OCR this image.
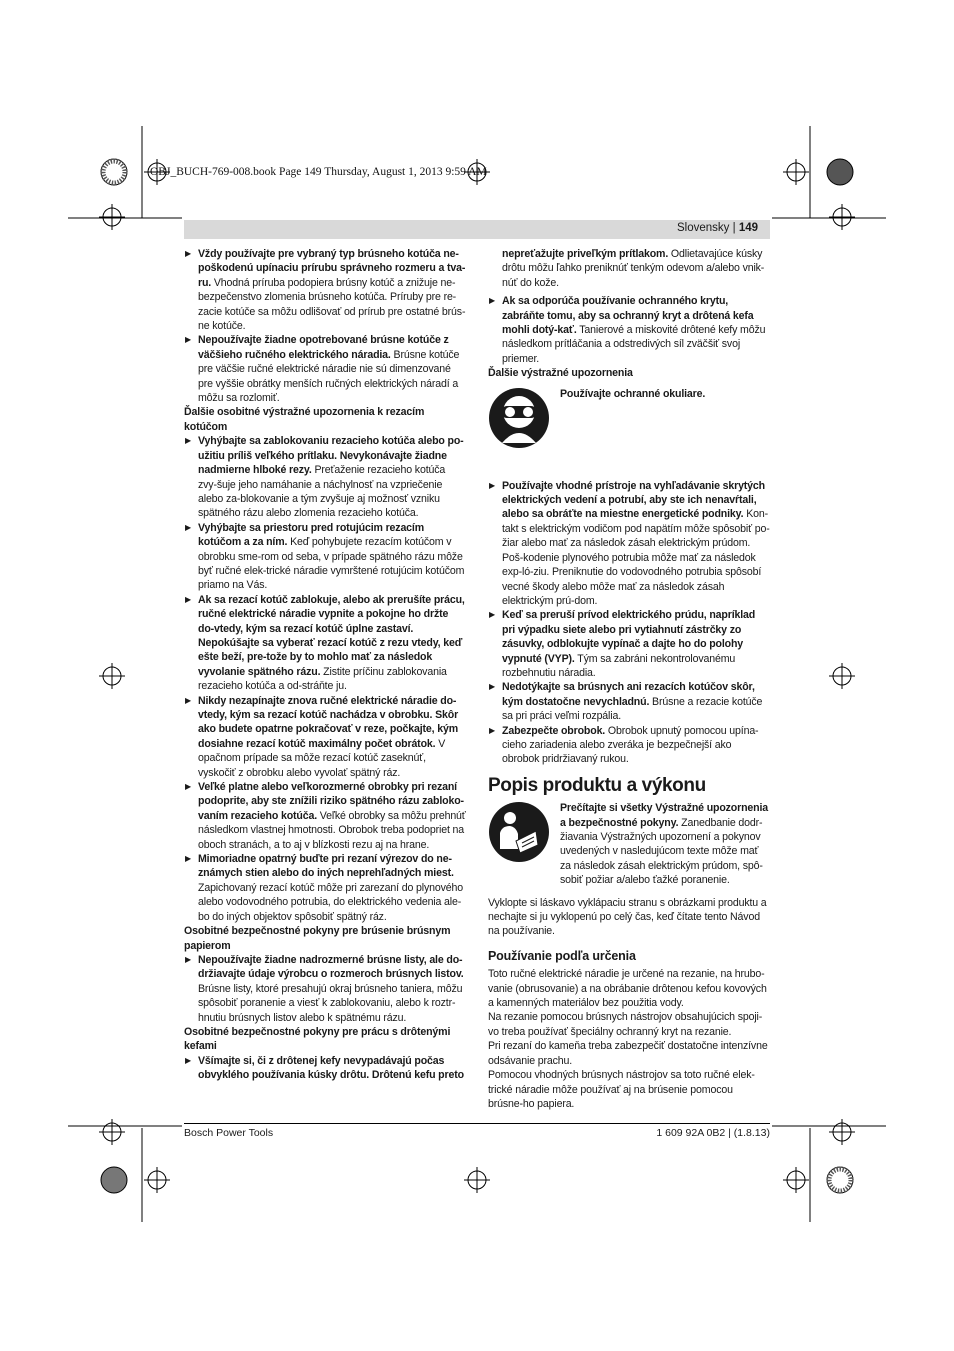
OBJ_BUCH-769-008.book Page 149 Thursday, August 1, 2013 9:59 AM
Slovensky | 149

▶ Vždy používajte pre vybraný typ brúsneho kotúča ne-poškodenú upínaciu prírubu správneho rozmeru a tva-ru. Vhodná príruba podopiera brúsny kotúč a znižuje ne-bezpečenstvo zlomenia brúsneho kotúča. Príruby pre re-zacie kotúče sa môžu odlišovať od prírub pre ostatné brús-ne kotúče.

▶ Nepoužívajte žiadne opotrebované brúsne kotúče z väčšieho ručného elektrického náradia. Brúsne kotúče pre väčšie ručné elektrické náradie nie sú dimenzované pre vyššie obrátky menších ručných elektrických náradí a môžu sa rozlomiť.

Ďalšie osobitné výstražné upozornenia k rezacím kotúčom

▶ Vyhýbajte sa zablokovaniu rezacieho kotúča alebo po-užitiu príliš veľkého prítlaku. Nevykonávajte žiadne nadmierne hlboké rezy. Preťaženie rezacieho kotúča zvy-šuje jeho namáhanie a náchylnosť na vzpriečenie alebo za-blokovanie a tým zvyšuje aj možnosť vzniku spätného rázu alebo zlomenia rezacieho kotúča.

▶ Vyhýbajte sa priestoru pred rotujúcim rezacím kotúčom a za ním. Keď pohybujete rezacím kotúčom v obrobku sme-rom od seba, v prípade spätného rázu môže byť ručné elek-trické náradie vymrštené rotujúcim kotúčom priamo na Vás.

▶ Ak sa rezací kotúč zablokuje, alebo ak prerušíte prácu, ručné elektrické náradie vypnite a pokojne ho držte do-vtedy, kým sa rezací kotúč úplne zastaví. Nepokúšajte sa vyberať rezací kotúč z rezu vtedy, keď ešte beží, pre-tože by to mohlo mať za následok vyvolanie spätného rázu. Zistite príčinu zablokovania rezacieho kotúča a od-stráňte ju.

▶ Nikdy nezapínajte znova ručné elektrické náradie do-vtedy, kým sa rezací kotúč nachádza v obrobku. Skôr ako budete opatrne pokračovať v reze, počkajte, kým dosiahne rezací kotúč maximálny počet obrátok. V opačnom prípade sa môže rezací kotúč zaseknúť, vyskočiť z obrobku alebo vyvolať spätný ráz.

▶ Veľké platne alebo veľkorozmerné obrobky pri rezaní podoprite, aby ste znížili riziko spätného rázu zabloko-vaním rezacieho kotúča. Veľké obrobky sa môžu prehnúť následkom vlastnej hmotnosti. Obrobok treba podopriet na oboch stranách, a to aj v blízkosti rezu aj na hrane.

▶ Mimoriadne opatrný buďte pri rezaní výrezov do ne-známych stien alebo do iných neprehľadných miest. Zapichovaný rezací kotúč môže pri zarezaní do plynového alebo vodovodného potrubia, do elektrického vedenia ale-bo do iných objektov spôsobiť spätný ráz.

Osobitné bezpečnostné pokyny pre brúsenie brúsnym papierom

▶ Nepoužívajte žiadne nadrozmerné brúsne listy, ale do-držiavajte údaje výrobcu o rozmeroch brúsnych listov. Brúsne listy, ktoré presahujú okraj brúsneho taniera, môžu spôsobiť poranenie a viesť k zablokovaniu, alebo k roztr-hnutiu brúsnych listov alebo k spätnému rázu.

Osobitné bezpečnostné pokyny pre prácu s drôtenými kefami

▶ Všímajte si, či z drôtenej kefy nevypadávajú počas obvyklého používania kúsky drôtu. Drôtenú kefu preto

nepreťažujte priveľkým prítlakom. Odlietavajúce kúsky drôtu môžu ľahko preniknúť tenkým odevom a/alebo vnik-núť do kože.

▶ Ak sa odporúča používanie ochranného krytu, zabráňte tomu, aby sa ochranný kryt a drôtená kefa mohli dotý-kať. Tanierové a miskovité drôtené kefy môžu následkom prítláčania a odstredivých síl zväčšiť svoj priemer.

Ďalšie výstražné upozornenia

Používajte ochranné okuliare.

▶ Používajte vhodné prístroje na vyhľadávanie skrytých elektrických vedení a potrubí, aby ste ich nenavŕtali, alebo sa obráťte na miestne energetické podniky. Kon-takt s elektrickým vodičom pod napätím môže spôsobiť po-žiar alebo mať za následok zásah elektrickým prúdom. Poš-kodenie plynového potrubia môže mať za následok exp-ló-ziu. Preniknutie do vodovodného potrubia spôsobí vecné škody alebo môže mať za následok zásah elektrickým prú-dom.

▶ Keď sa preruší prívod elektrického prúdu, napríklad pri výpadku siete alebo pri vytiahnutí zástrčky zo zásuvky, odblokujte vypínač a dajte ho do polohy vypnuté (VYP). Tým sa zabráni nekontrolovanému rozbehnutiu náradia.

▶ Nedotýkajte sa brúsnych ani rezacích kotúčov skôr, kým dostatočne nevychladnú. Brúsne a rezacie kotúče sa pri práci veľmi rozpália.

▶ Zabezpečte obrobok. Obrobok upnutý pomocou upína-cieho zariadenia alebo zveráka je bezpečnejší ako obrobok pridržiavaný rukou.

Popis produktu a výkonu

Prečítajte si všetky Výstražné upozornenia a bezpečnostné pokyny. Zanedbanie dodr-žiavania Výstražných upozornení a pokynov uvedených v nasledujúcom texte môže mať za následok zásah elektrickým prúdom, spô-sobiť požiar a/alebo ťažké poranenie.

Vyklopte si láskavo vyklápaciu stranu s obrázkami produktu a nechajte si ju vyklopenú po celý čas, keď čítate tento Návod na používanie.

Používanie podľa určenia

Toto ručné elektrické náradie je určené na rezanie, na hrubo-vanie (obrusovanie) a na obrábanie drôtenou kefou kovových a kamenných materiálov bez použitia vody.

Na rezanie pomocou brúsnych nástrojov obsahujúcich spoji-vo treba používať špeciálny ochranný kryt na rezanie.

Pri rezaní do kameňa treba zabezpečiť dostatočne intenzívne odsávanie prachu.

Pomocou vhodných brúsnych nástrojov sa toto ručné elek-trické náradie môže používať aj na brúsenie pomocou brúsne-ho papiera.

Bosch Power Tools	1 609 92A 0B2 | (1.8.13)
